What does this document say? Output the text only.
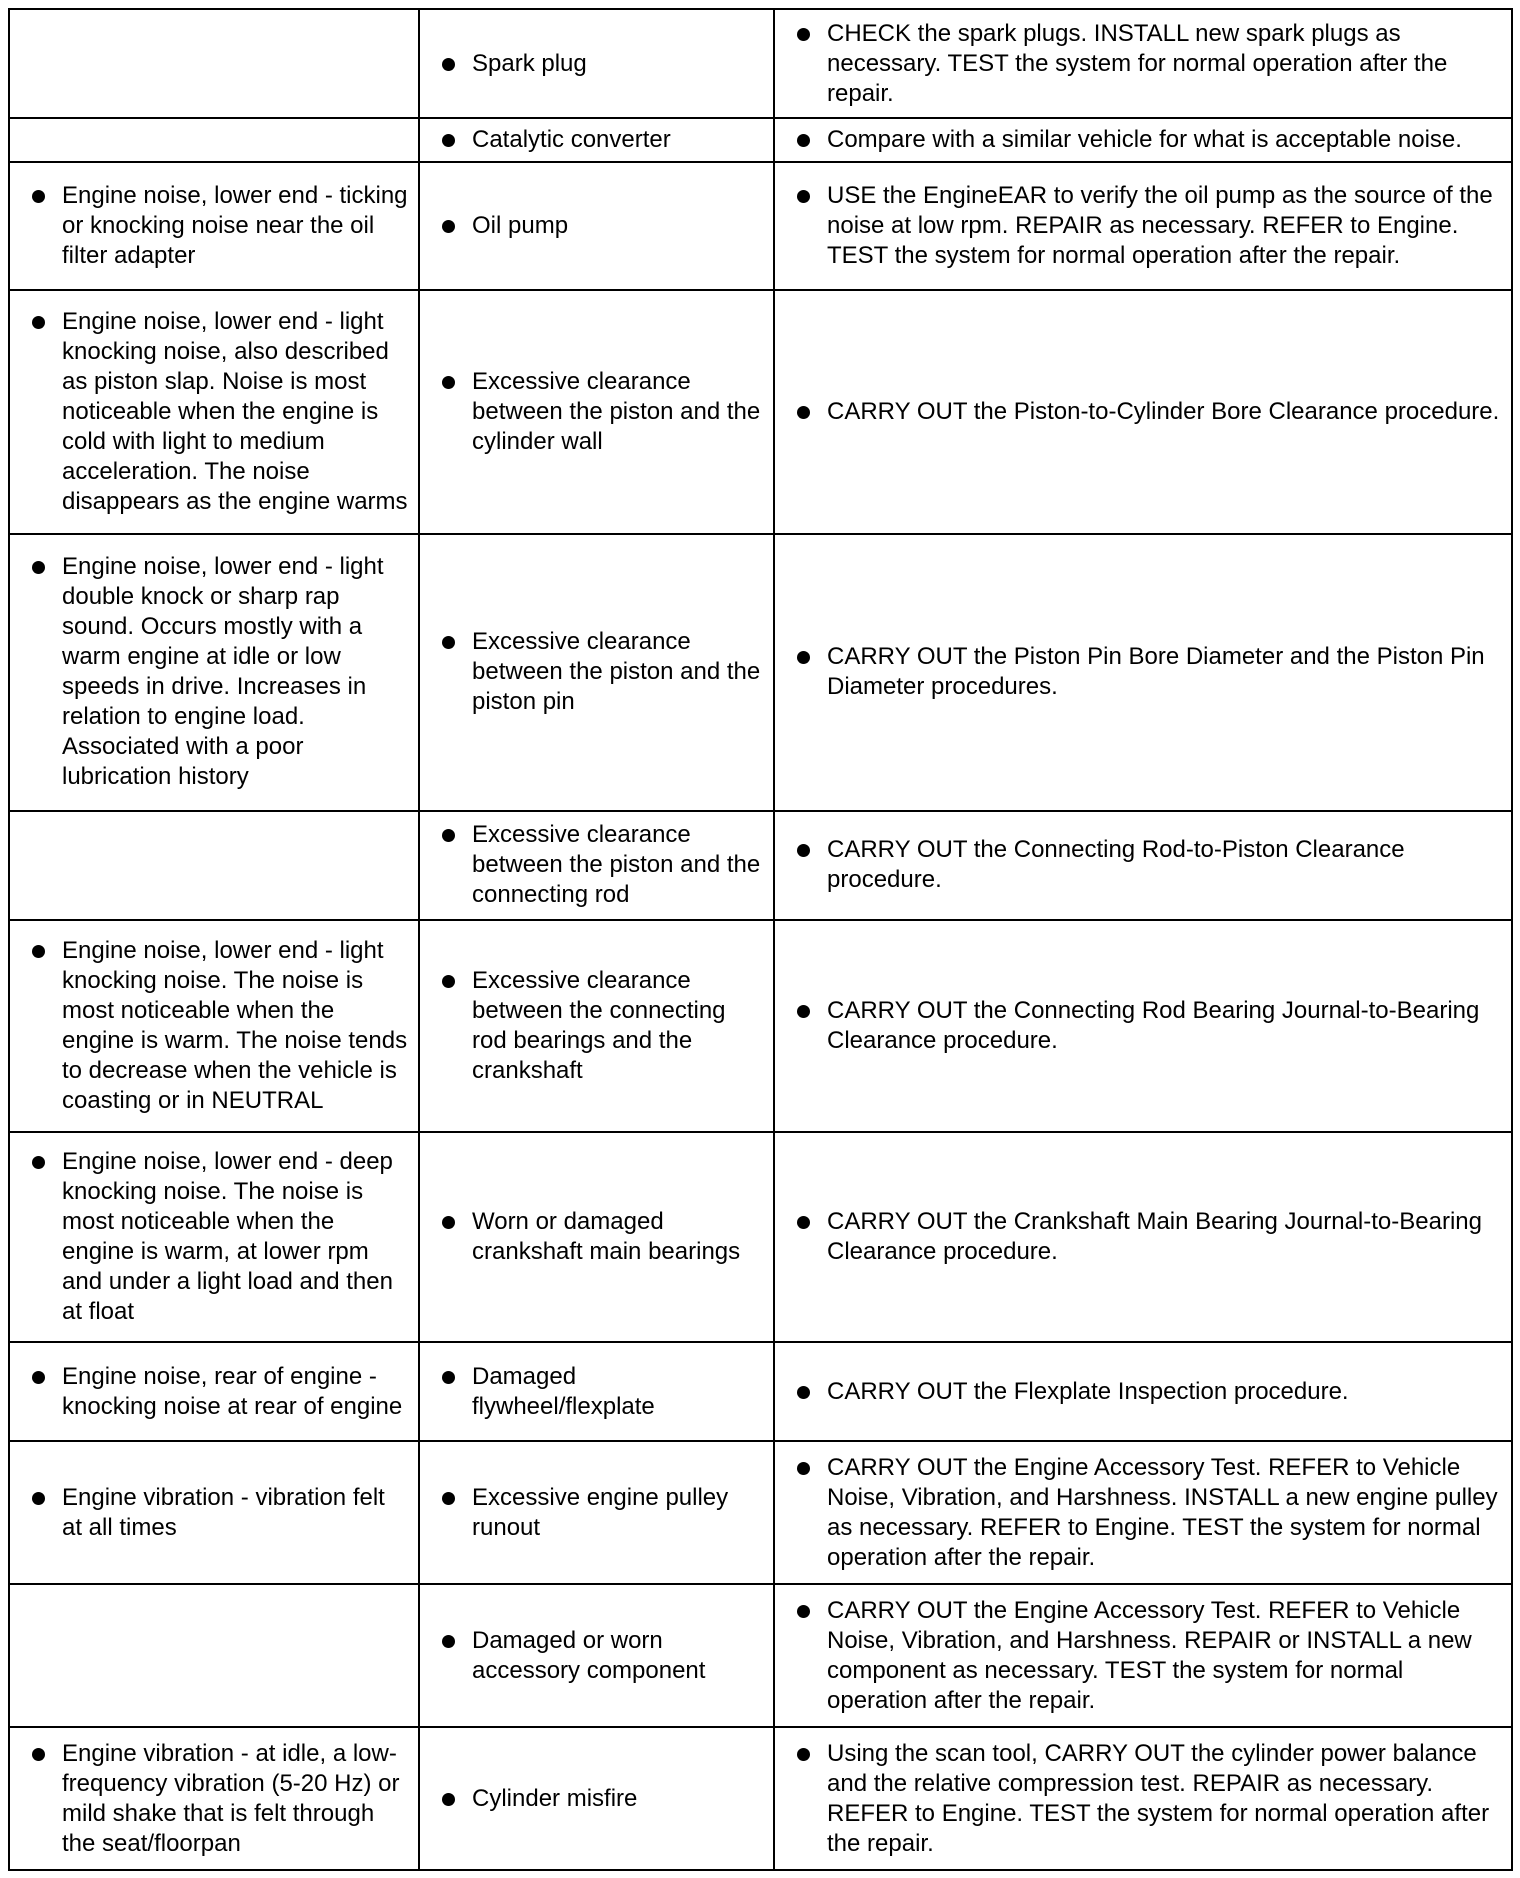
	Spark plug	CHECK the spark plugs. INSTALL new spark plugs as necessary. TEST the system for normal operation after the repair.

	Catalytic converter	Compare with a similar vehicle for what is acceptable noise.

Engine noise, lower end - ticking or knocking noise near the oil filter adapter	Oil pump	USE the EngineEAR to verify the oil pump as the source of the noise at low rpm. REPAIR as necessary. REFER to Engine. TEST the system for normal operation after the repair.

Engine noise, lower end - light knocking noise, also described as piston slap. Noise is most noticeable when the engine is cold with light to medium acceleration. The noise disappears as the engine warms	Excessive clearance between the piston and the cylinder wall	CARRY OUT the Piston-to-Cylinder Bore Clearance procedure.

Engine noise, lower end - light double knock or sharp rap sound. Occurs mostly with a warm engine at idle or low speeds in drive. Increases in relation to engine load. Associated with a poor lubrication history	Excessive clearance between the piston and the piston pin	CARRY OUT the Piston Pin Bore Diameter and the Piston Pin Diameter procedures.

	Excessive clearance between the piston and the connecting rod	CARRY OUT the Connecting Rod-to-Piston Clearance procedure.

Engine noise, lower end - light knocking noise. The noise is most noticeable when the engine is warm. The noise tends to decrease when the vehicle is coasting or in NEUTRAL	Excessive clearance between the connecting rod bearings and the crankshaft	CARRY OUT the Connecting Rod Bearing Journal-to-Bearing Clearance procedure.

Engine noise, lower end - deep knocking noise. The noise is most noticeable when the engine is warm, at lower rpm and under a light load and then at float	Worn or damaged crankshaft main bearings	CARRY OUT the Crankshaft Main Bearing Journal-to-Bearing Clearance procedure.

Engine noise, rear of engine - knocking noise at rear of engine	Damaged flywheel/flexplate	CARRY OUT the Flexplate Inspection procedure.

Engine vibration - vibration felt at all times	Excessive engine pulley runout	CARRY OUT the Engine Accessory Test. REFER to Vehicle Noise, Vibration, and Harshness. INSTALL a new engine pulley as necessary. REFER to Engine. TEST the system for normal operation after the repair.

	Damaged or worn accessory component	CARRY OUT the Engine Accessory Test. REFER to Vehicle Noise, Vibration, and Harshness. REPAIR or INSTALL a new component as necessary. TEST the system for normal operation after the repair.

Engine vibration - at idle, a low-frequency vibration (5-20 Hz) or mild shake that is felt through the seat/floorpan	Cylinder misfire	Using the scan tool, CARRY OUT the cylinder power balance and the relative compression test. REPAIR as necessary. REFER to Engine. TEST the system for normal operation after the repair.
